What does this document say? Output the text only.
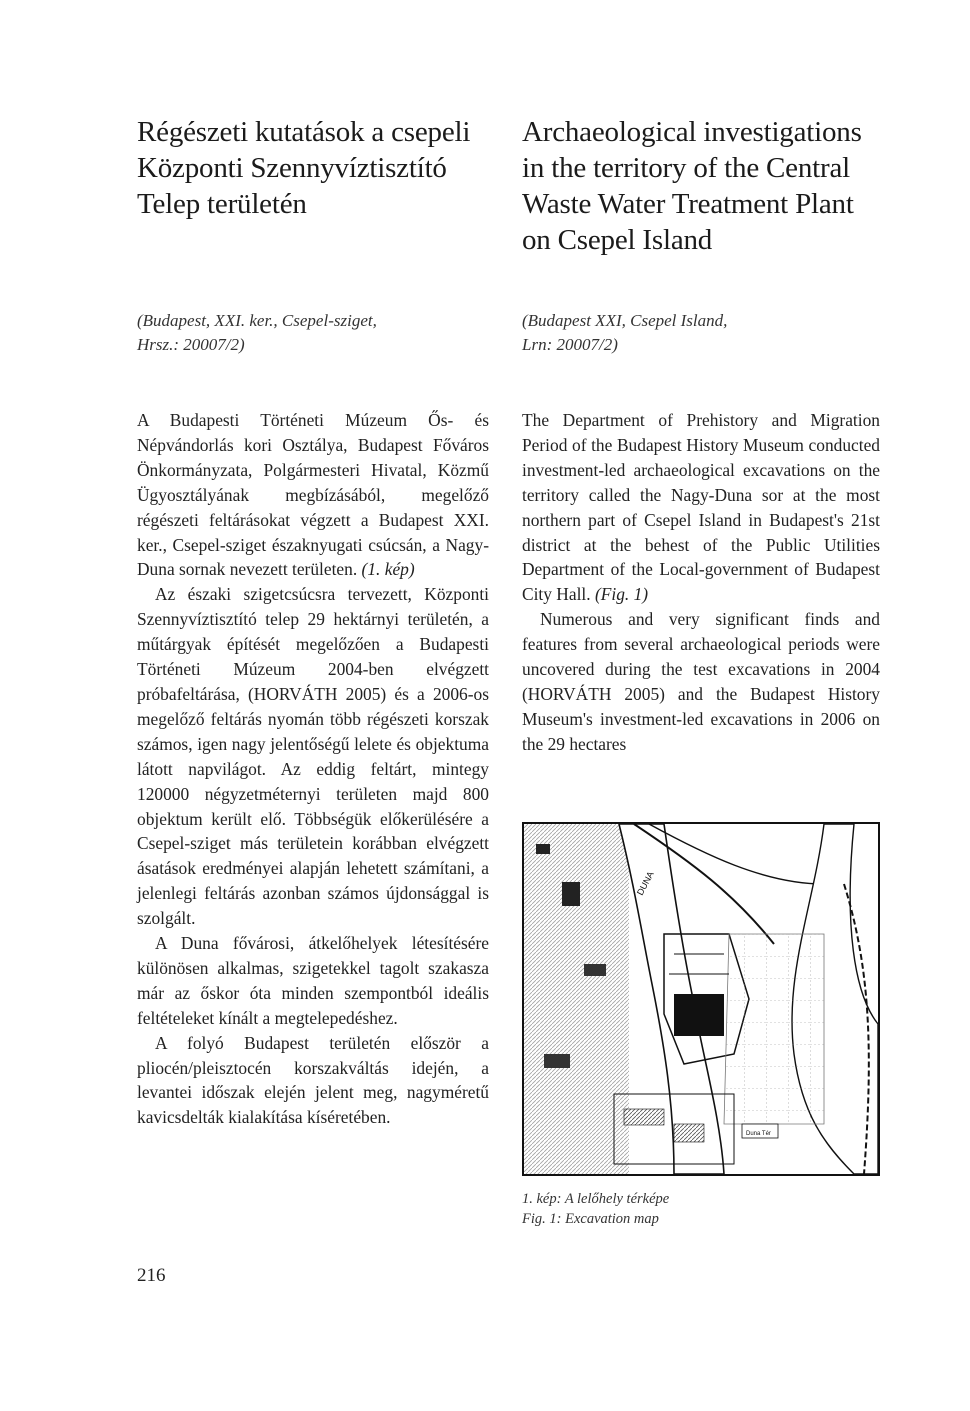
Régészeti kutatások a csepeli
Központi Szennyvíztisztító
Telep területén
Archaeological investigations
in the territory of the Central
Waste Water Treatment Plant
on Csepel Island
(Budapest, XXI. ker., Csepel-sziget,
Hrsz.: 20007/2)
(Budapest XXI, Csepel Island,
Lrn: 20007/2)

A Budapesti Történeti Múzeum Ős- és Népvándorlás kori Osztálya, Budapest Főváros Önkormányzata, Polgármesteri Hivatal, Közmű Ügyosztályának megbízásából, megelőző régészeti feltárásokat végzett a Budapest XXI. ker., Csepel-sziget északnyugati csúcsán, a Nagy-Duna sornak nevezett területen. (1. kép)

Az északi szigetcsúcsra tervezett, Központi Szennyvíztisztító telep 29 hektárnyi területén, a műtárgyak építését megelőzően a Budapesti Történeti Múzeum 2004-ben elvégzett próbafeltárása, (HORVÁTH 2005) és a 2006-os megelőző feltárás nyomán több régészeti korszak számos, igen nagy jelentőségű lelete és objektuma látott napvilágot. Az eddig feltárt, mintegy 120000 négyzetméternyi területen majd 800 objektum került elő. Többségük előkerülésére a Csepel-sziget más területein korábban elvégzett ásatások eredményei alapján lehetett számítani, a jelenlegi feltárás azonban számos újdonsággal is szolgált.

A Duna fővárosi, átkelőhelyek létesítésére különösen alkalmas, szigetekkel tagolt szakasza már az őskor óta minden szempontból ideális feltételeket kínált a megtelepedéshez.

A folyó Budapest területén először a pliocén/pleisztocén korszakváltás idején, a levantei időszak elején jelent meg, nagyméretű kavicsdelták kialakítása kíséretében.

The Department of Prehistory and Migration Period of the Budapest History Museum conducted investment-led archaeological excavations on the territory called the Nagy-Duna sor at the most northern part of Csepel Island in Budapest's 21st district at the behest of the Public Utilities Department of the Local-government of Budapest City Hall. (Fig. 1)

Numerous and very significant finds and features from several archaeological periods were uncovered during the test excavations in 2004 (HORVÁTH 2005) and the Budapest History Museum's investment-led excavations in 2006 on the 29 hectares

DUNA
Duna Tér
1. kép: A lelőhely térképe
Fig. 1: Excavation map
216
